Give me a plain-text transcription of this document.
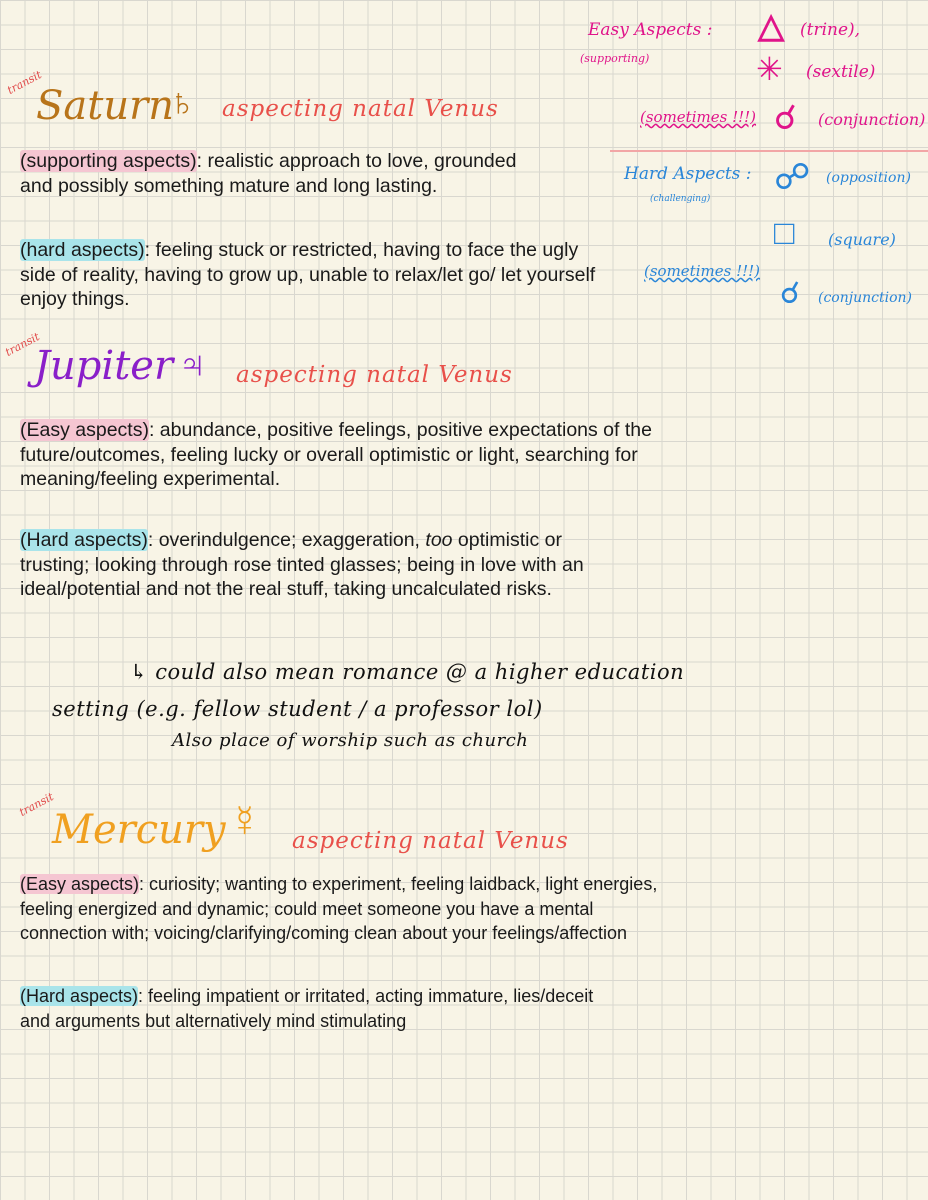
transit
Saturn
♄ aspecting natal Venus
(supporting aspects): realistic approach to love, grounded and possibly something mature and long lasting.
(hard aspects): feeling stuck or restricted, having to face the ugly side of reality, having to grow up, unable to relax/let go/ let yourself enjoy things.
transit
Jupiter ♃ aspecting natal Venus
(Easy aspects): abundance, positive feelings, positive expectations of the future/outcomes, feeling lucky or overall optimistic or light, searching for meaning/feeling experimental.
(Hard aspects): overindulgence; exaggeration, too optimistic or trusting; looking through rose tinted glasses; being in love with an ideal/potential and not the real stuff, taking uncalculated risks.
↳ could also mean romance @ a higher education
setting (e.g. fellow student / a professor lol)
Also place of worship such as church
transit
Mercury ☿ aspecting natal Venus
(Easy aspects): curiosity; wanting to experiment, feeling laidback, light energies, feeling energized and dynamic; could meet someone you have a mental connection with; voicing/clarifying/coming clean about your feelings/affection
(Hard aspects): feeling impatient or irritated, acting immature, lies/deceit and arguments but alternatively mind stimulating
Easy Aspects :
(supporting)
△ (trine),
✳ (sextile)
(sometimes !!!) ☌ (conjunction)
Hard Aspects :
(challenging)
☍ (opposition)
□ (square)
(sometimes !!!)
☌ (conjunction)
